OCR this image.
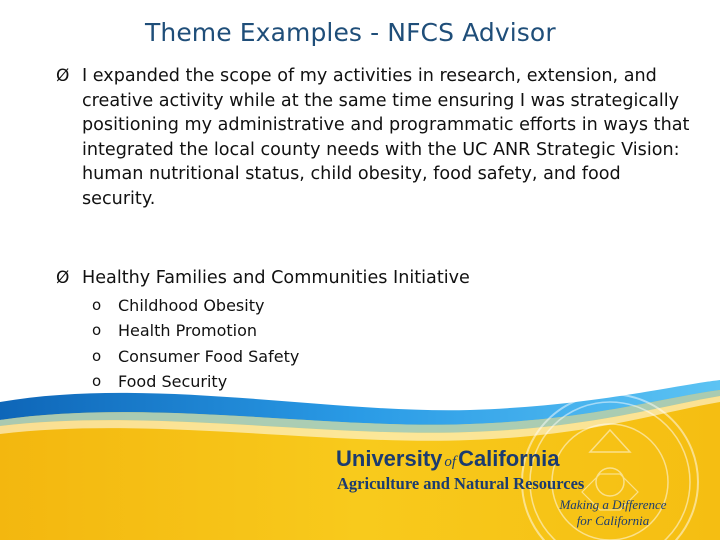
Theme Examples - NFCS Advisor
Ø I expanded the scope of my activities in research, extension, and creative activity while at the same time ensuring I was strategically positioning my administrative and programmatic efforts in ways that integrated the local county needs with the UC ANR Strategic Vision: human nutritional status, child obesity, food safety, and food security.
Ø Healthy Families and Communities Initiative
o	Childhood Obesity
o	Health Promotion
o	Consumer Food Safety
o	Food Security
University ofCalifornia
Agriculture and Natural Resources
Making a Difference
for California
